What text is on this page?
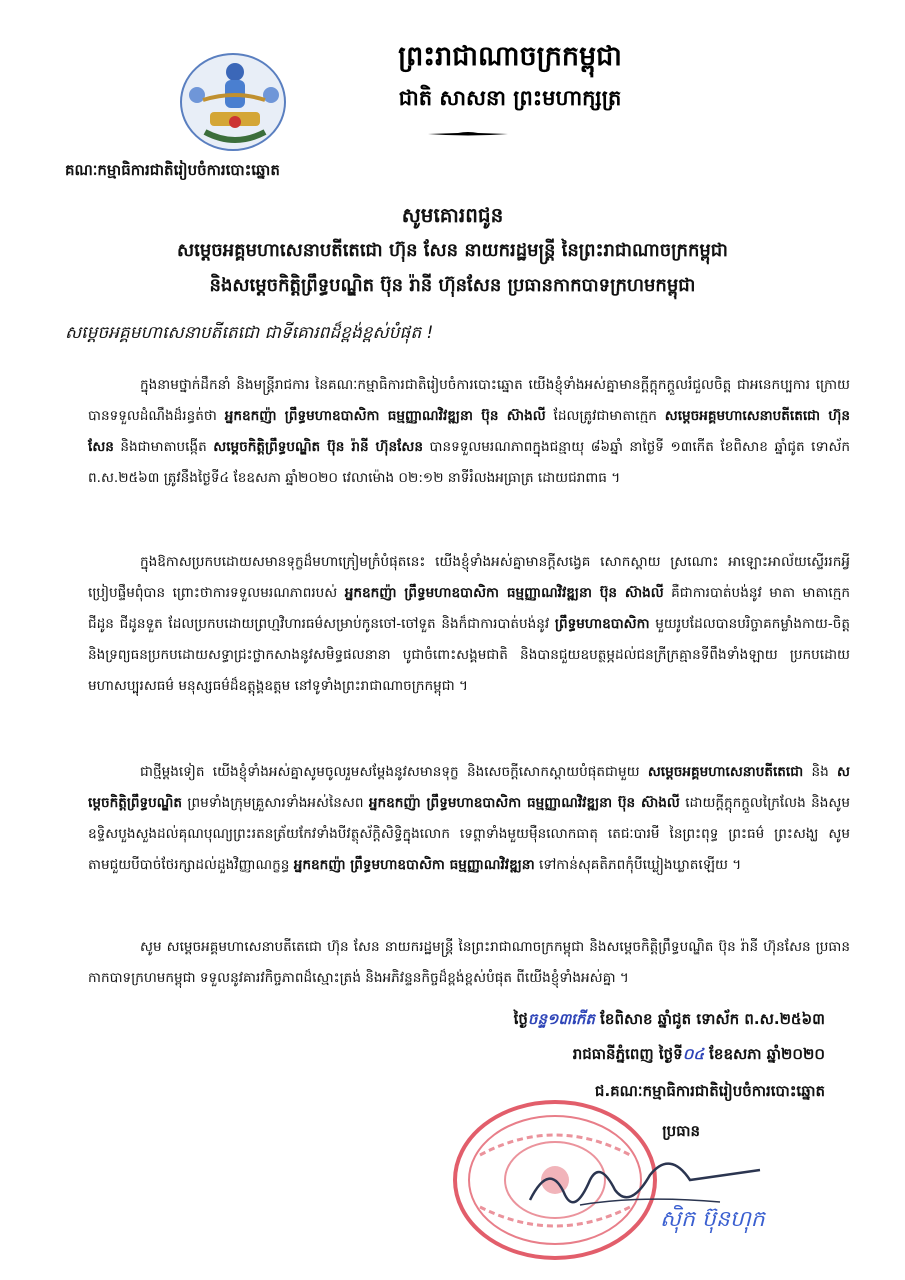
ព្រះរាជាណាចក្រកម្ពុជា
ជាតិ សាសនា ព្រះមហាក្សត្រ
គណៈកម្មាធិការជាតិរៀបចំការបោះឆ្នោត
សូមគោរពជូន
សម្តេចអគ្គមហាសេនាបតីតេជោ ហ៊ុន សែន នាយករដ្ឋមន្ត្រី នៃព្រះរាជាណាចក្រកម្ពុជា
និងសម្តេចកិត្តិព្រឹទ្ធបណ្ឌិត ប៊ុន រ៉ានី ហ៊ុនសែន ប្រធានកាកបាទក្រហមកម្ពុជា
សម្តេចអគ្គមហាសេនាបតីតេជោ ជាទីគោរពដ៏ខ្ពង់ខ្ពស់បំផុត !
ក្នុងនាមថ្នាក់ដឹកនាំ និងមន្ត្រីរាជការ នៃគណៈកម្មាធិការជាតិរៀបចំការបោះឆ្នោត យើងខ្ញុំទាំងអស់គ្នាមានក្តីក្តុកក្តួលរំជួលចិត្ត ជាអនេកប្បការ ក្រោយបានទទួលដំណឹងដ៏រន្ធត់ថា អ្នកឧកញ៉ា ព្រឹទ្ធមហាឧបាសិកា ធម្មញ្ញាណវិវឌ្ឍនា ប៊ុន ស៊ាងលី ដែលត្រូវជាមាតាក្មេក សម្តេចអគ្គមហាសេនាបតីតេជោ ហ៊ុន សែន និងជាមាតាបង្កើត សម្តេចកិត្តិព្រឹទ្ធបណ្ឌិត ប៊ុន រ៉ានី ហ៊ុនសែន បានទទួលមរណភាពក្នុងជន្មាយុ ៨៦ឆ្នាំ នាថ្ងៃទី ១៣កើត ខែពិសាខ ឆ្នាំជូត ទោស័ក ព.ស.២៥៦៣ ត្រូវនឹងថ្ងៃទី៤ ខែឧសភា ឆ្នាំ២០២០ វេលាម៉ោង ០២:១២ នាទីរំលងអធ្រាត្រ ដោយជរាពាធ ។
ក្នុងឱកាសប្រកបដោយសមានទុក្ខដ៏មហាក្រៀមក្រំបំផុតនេះ យើងខ្ញុំទាំងអស់គ្នាមានក្តីសង្វេគ សោកស្តាយ ស្រណោះ អាឡោះអាល័យស្ទើររកអ្វីប្រៀបផ្ទឹមពុំបាន ព្រោះថាការទទួលមរណភាពរបស់ អ្នកឧកញ៉ា ព្រឹទ្ធមហាឧបាសិកា ធម្មញ្ញាណវិវឌ្ឍនា ប៊ុន ស៊ាងលី គឺជាការបាត់បង់នូវ មាតា មាតាក្មេក ជីដូន ជីដូនទួត ដែលប្រកបដោយព្រហ្មវិហារធម៌សម្រាប់កូនចៅ-ចៅទួត និងក៏ជាការបាត់បង់នូវ ព្រឹទ្ធមហាឧបាសិកា មួយរូបដែលបានបរិច្ចាគកម្លាំងកាយ-ចិត្ត និងទ្រព្យធនប្រកបដោយសទ្ធាជ្រះថ្លាកសាងនូវសមិទ្ធផលនានា បូជាចំពោះសង្គមជាតិ និងបានជួយឧបត្ថម្ភដល់ជនក្រីក្រគ្មានទីពឹងទាំងឡាយ ប្រកបដោយមហាសប្បុរសធម៌ មនុស្សធម៌ដ៏ឧត្តុង្គឧត្តម នៅទូទាំងព្រះរាជាណាចក្រកម្ពុជា ។
ជាថ្មីម្តងទៀត យើងខ្ញុំទាំងអស់គ្នាសូមចូលរួមសម្តែងនូវសមានទុក្ខ និងសេចក្តីសោកស្តាយបំផុតជាមួយ សម្តេចអគ្គមហាសេនាបតីតេជោ និង សម្តេចកិត្តិព្រឹទ្ធបណ្ឌិត ព្រមទាំងក្រុមគ្រួសារទាំងអស់នៃសព អ្នកឧកញ៉ា ព្រឹទ្ធមហាឧបាសិកា ធម្មញ្ញាណវិវឌ្ឍនា ប៊ុន ស៊ាងលី ដោយក្តីក្តុកក្តួលក្រៃលែង និងសូមឧទ្ទិសបួងសួងដល់គុណបុណ្យព្រះរតនត្រ័យកែវទាំងបីវត្ថុស័ក្តិសិទ្ធិក្នុងលោក ទេព្តាទាំងមួយម៉ឺនលោកធាតុ តេជៈបារមី នៃព្រះពុទ្ធ ព្រះធម៌ ព្រះសង្ឃ សូមតាមជួយបីបាច់ថែរក្សាដល់ដួងវិញ្ញាណក្ខន្ធ អ្នកឧកញ៉ា ព្រឹទ្ធមហាឧបាសិកា ធម្មញ្ញាណវិវឌ្ឍនា ទៅកាន់សុគតិភពកុំបីឃ្លៀងឃ្លាតឡើយ ។
សូម សម្តេចអគ្គមហាសេនាបតីតេជោ ហ៊ុន សែន នាយករដ្ឋមន្ត្រី នៃព្រះរាជាណាចក្រកម្ពុជា និងសម្តេចកិត្តិព្រឹទ្ធបណ្ឌិត ប៊ុន រ៉ានី ហ៊ុនសែន ប្រធានកាកបាទក្រហមកម្ពុជា ទទួលនូវគារវកិច្ចភាពដ៏ស្មោះត្រង់ និងអភិវន្ទនកិច្ចដ៏ខ្ពង់ខ្ពស់បំផុត ពីយើងខ្ញុំទាំងអស់គ្នា ។
ថ្ងៃចន្ទ១៣កើត ខែពិសាខ ឆ្នាំជូត ទោស័ក ព.ស.២៥៦៣
រាជធានីភ្នំពេញ ថ្ងៃទី០៤ ខែឧសភា ឆ្នាំ២០២០
ជ.គណៈកម្មាធិការជាតិរៀបចំការបោះឆ្នោត
ប្រធាន
ស៊ិក ប៊ុនហុក
